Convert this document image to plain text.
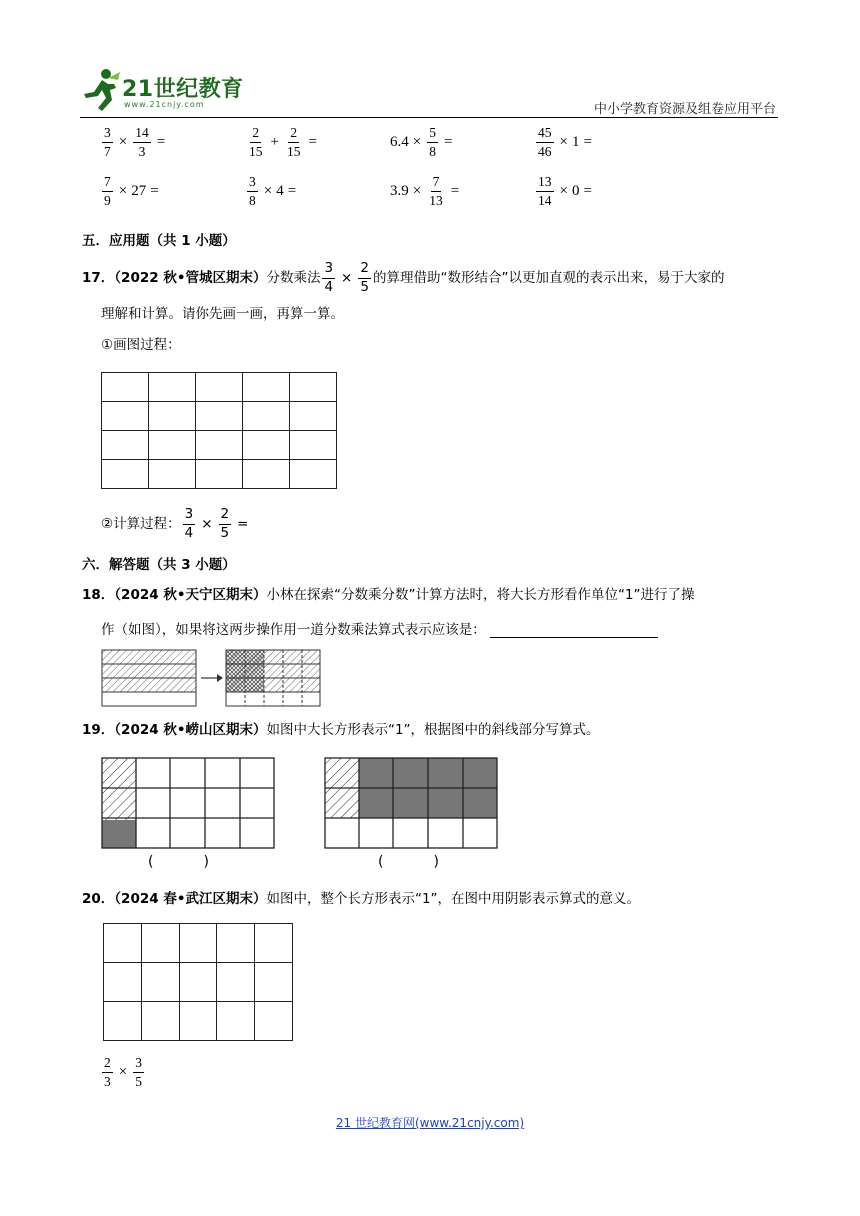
21世纪教育
www.21cnjy.com	中小学教育资源及组卷应用平台
$\frac{3}{7} \times \frac{14}{3}$ =	$\frac{2}{15} + \frac{2}{15}$ =	$6.4 \times \frac{5}{8}$ =	$\frac{45}{46} \times 1$ =
$\frac{7}{9} \times 27$ =	$\frac{3}{8} \times 4$ =	$3.9 \times \frac{7}{13}$ =	$\frac{13}{14} \times 0$ =
五．应用题（共 1 小题）
17．（2022 秋•管城区期末）分数乘法 $\frac{3}{4} \times \frac{2}{5}$ 的算理借助“数形结合”以更加直观的表示出来，易于大家的
理解和计算。请你先画一画，再算一算。
①画图过程：

②计算过程： $\frac{3}{4} \times \frac{2}{5}$ =
六．解答题（共 3 小题）
18．（2024 秋•天宁区期末）小林在探索“分数乘分数”计算方法时，将大长方形看作单位“1”进行了操
作（如图），如果将这两步操作用一道分数乘法算式表示应该是：
19．（2024 秋•崂山区期末）如图中大长方形表示“1”，根据图中的斜线部分写算式。
(	)	(	)
20．（2024 春•武江区期末）如图中，整个长方形表示“1”，在图中用阴影表示算式的意义。

$\frac{2}{3} \times \frac{3}{5}$
21 世纪教育网(www.21cnjy.com)
